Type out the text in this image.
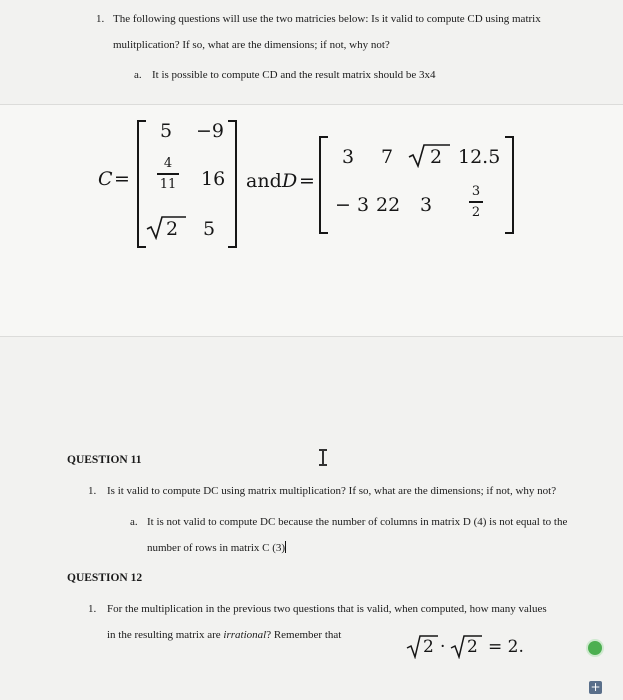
1. The following questions will use the two matricies below: Is it valid to compute CD using matrix
mulitplication? If so, what are the dimensions; if not, why not?
a. It is possible to compute CD and the result matrix should be 3x4
C =
5 −9
4
11 16
2 5
and D =
3 7 2 12.5
− 3 22 3
3
2
QUESTION 11
1. Is it valid to compute DC using matrix multiplication? If so, what are the dimensions; if not, why not?
a. It is not valid to compute DC because the number of columns in matrix D (4) is not equal to the
number of rows in matrix C (3)
QUESTION 12
1. For the multiplication in the previous two questions that is valid, when computed, how many values
in the resulting matrix are irrational? Remember that
2 · 2 = 2.
+
